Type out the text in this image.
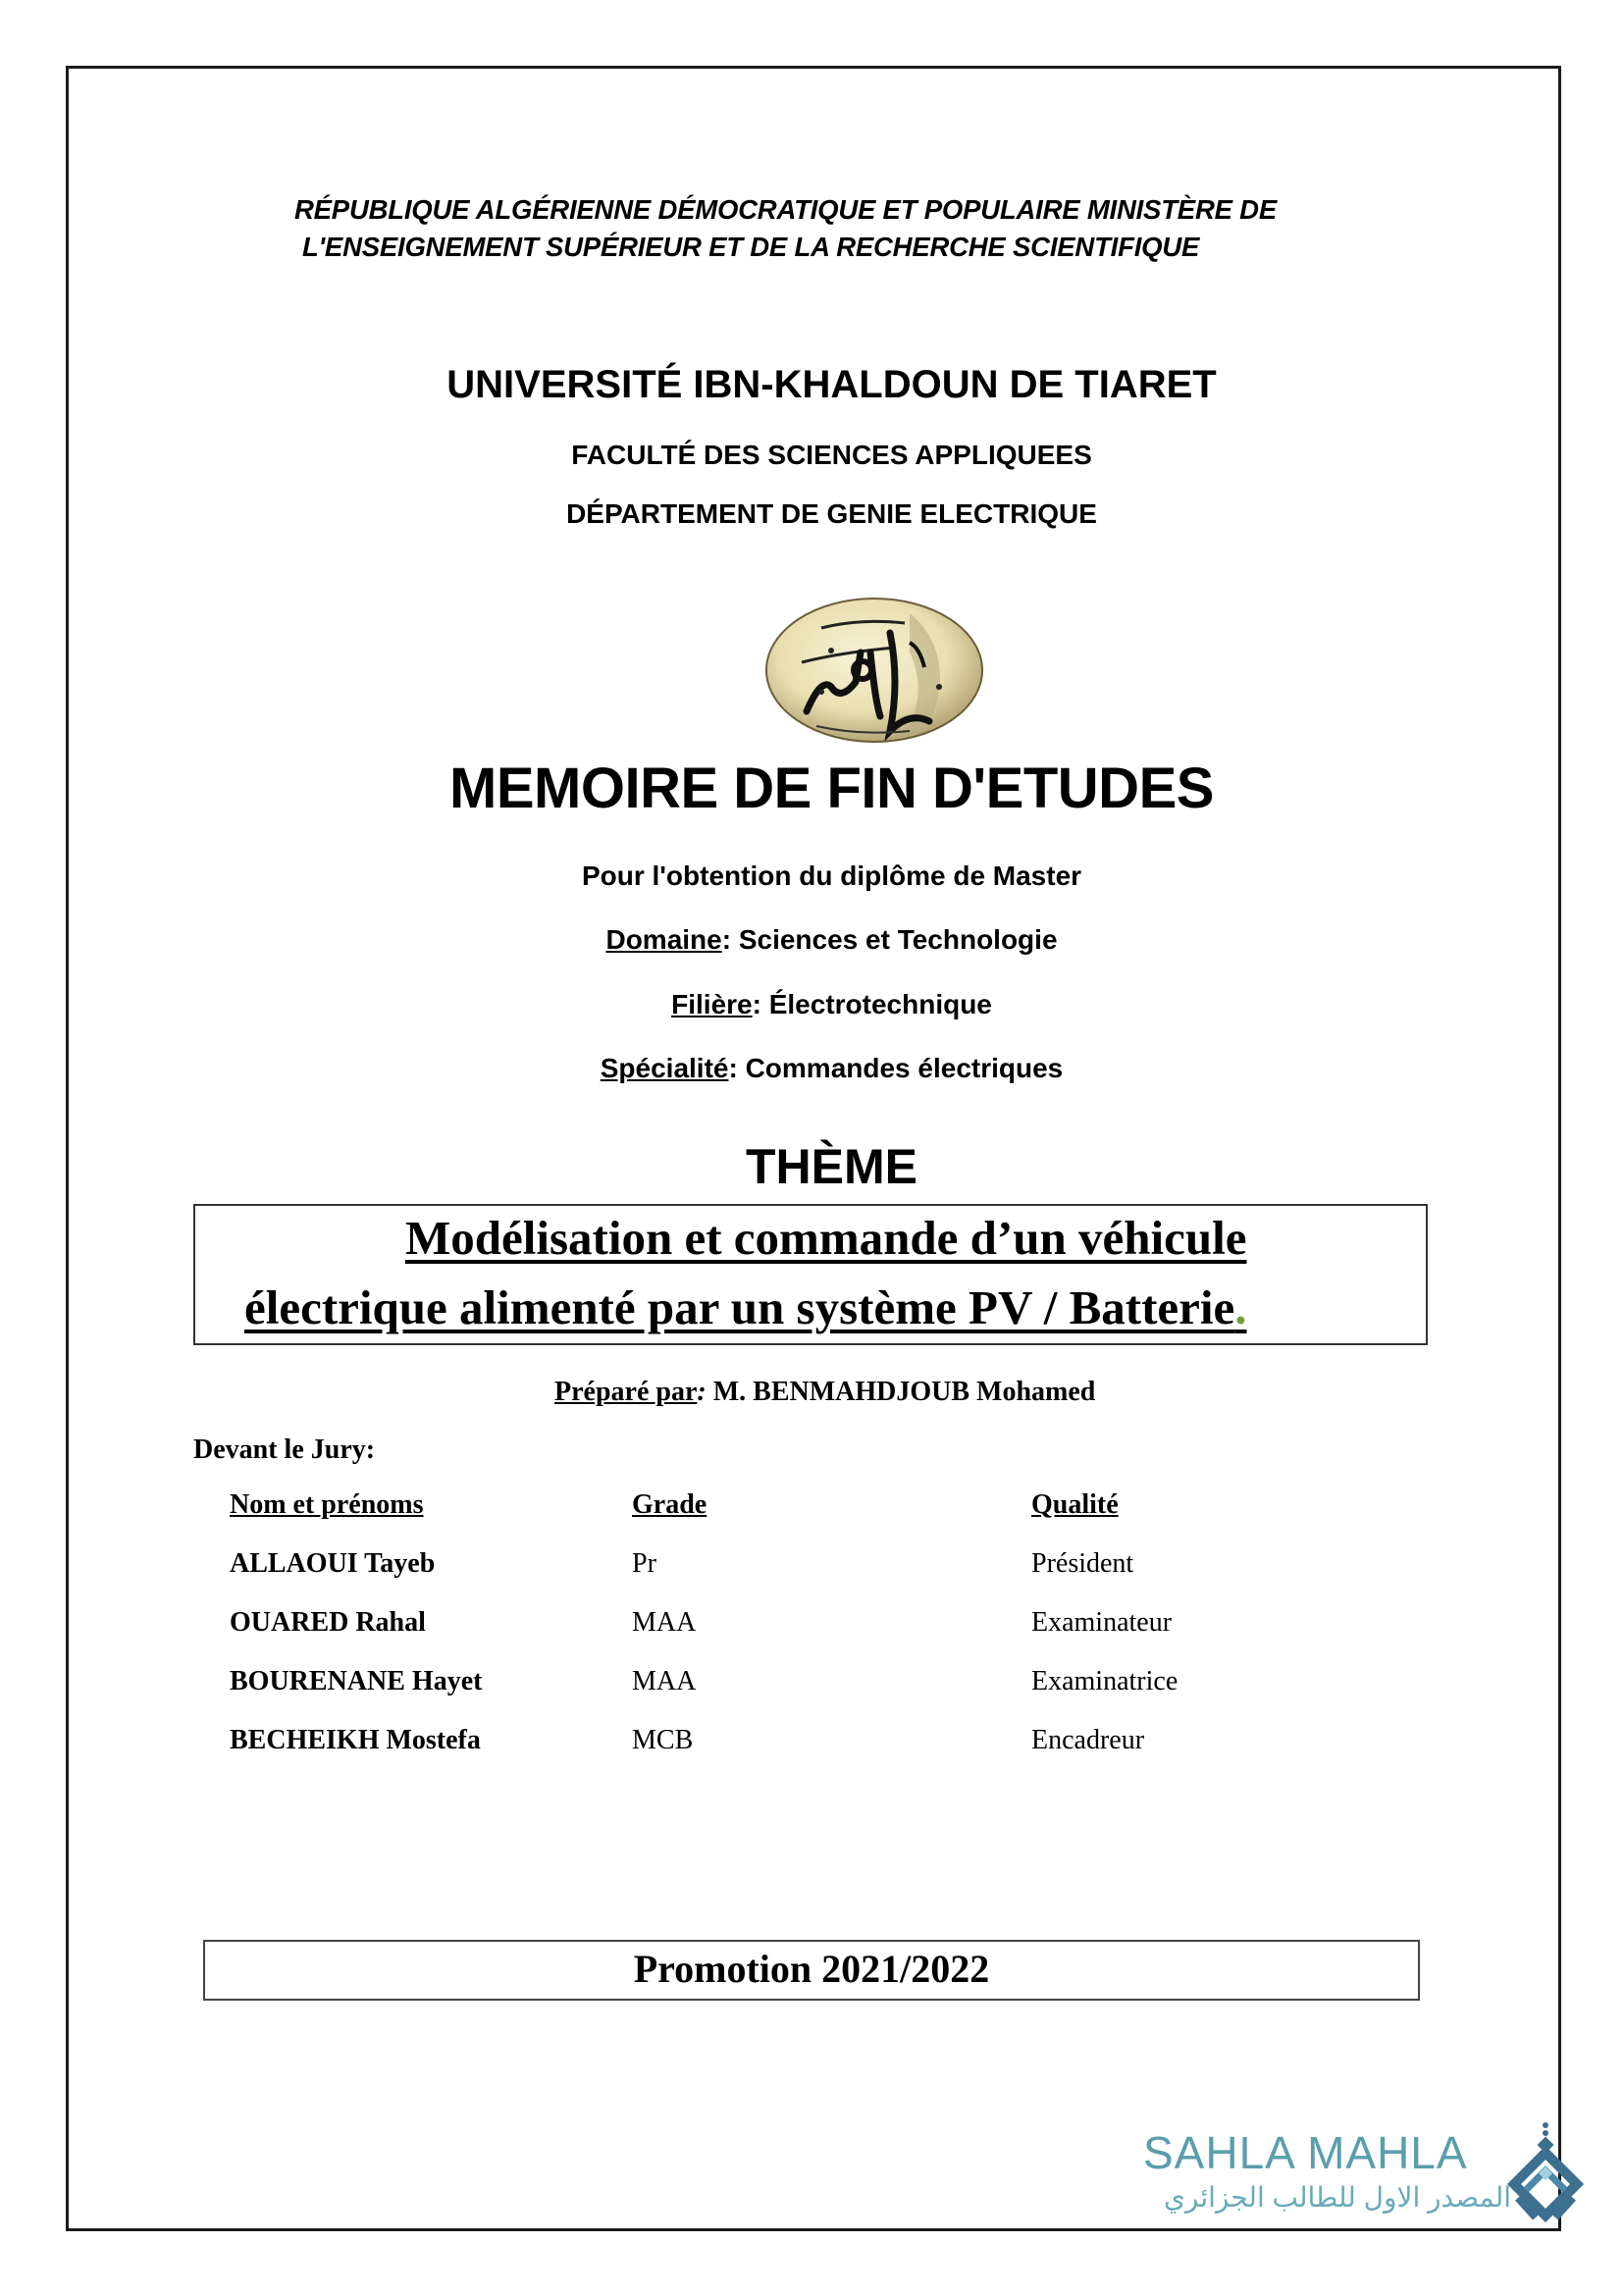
RÉPUBLIQUE ALGÉRIENNE DÉMOCRATIQUE ET POPULAIRE MINISTÈRE DE
L'ENSEIGNEMENT SUPÉRIEUR ET DE LA RECHERCHE SCIENTIFIQUE
UNIVERSITÉ IBN-KHALDOUN DE TIARET
FACULTÉ DES SCIENCES APPLIQUEES
DÉPARTEMENT DE GENIE ELECTRIQUE
MEMOIRE DE FIN D'ETUDES
Pour l'obtention du diplôme de Master
Domaine: Sciences et Technologie
Filière: Électrotechnique
Spécialité: Commandes électriques
THÈME
Modélisation et commande d’un véhicule
électrique alimenté par un système PV / Batterie.
Préparé par: M. BENMAHDJOUB Mohamed
Devant le Jury:
Nom et prénoms	Grade	Qualité
ALLAOUI Tayeb	Pr	Président
OUARED Rahal	MAA	Examinateur
BOURENANE Hayet	MAA	Examinatrice
BECHEIKH Mostefa	MCB	Encadreur
Promotion 2021/2022
SAHLA MAHLA
المصدر الاول للطالب الجزائري
